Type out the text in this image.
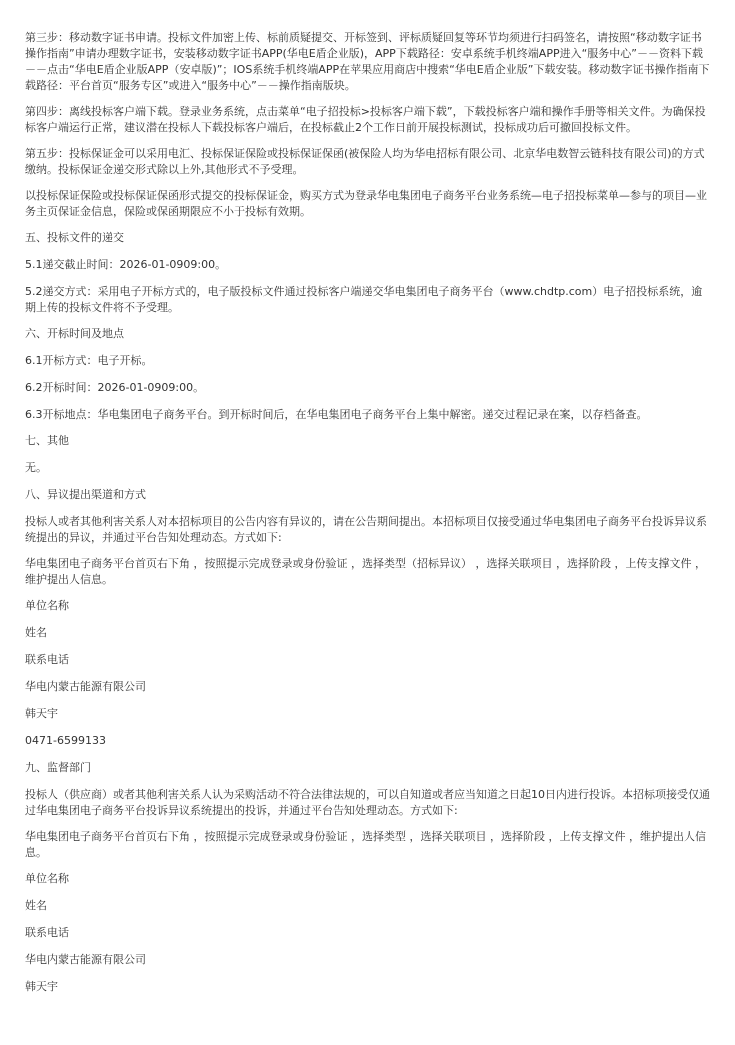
第三步：移动数字证书申请。投标文件加密上传、标前质疑提交、开标签到、评标质疑回复等环节均须进行扫码签名，请按照“移动数字证书操作指南”申请办理数字证书，安装移动数字证书APP(华电E盾企业版)，APP下载路径：安卓系统手机终端APP进入“服务中心”－－资料下载－－点击“华电E盾企业版APP（安卓版)”；IOS系统手机终端APP在苹果应用商店中搜索“华电E盾企业版”下载安装。移动数字证书操作指南下载路径：平台首页“服务专区”或进入“服务中心”－－操作指南版块。

第四步：离线投标客户端下载。登录业务系统，点击菜单“电子招投标>投标客户端下载”，下载投标客户端和操作手册等相关文件。为确保投标客户端运行正常，建议潜在投标人下载投标客户端后，在投标截止2个工作日前开展投标测试，投标成功后可撤回投标文件。

第五步：投标保证金可以采用电汇、投标保证保险或投标保证保函(被保险人均为华电招标有限公司、北京华电数智云链科技有限公司)的方式缴纳。投标保证金递交形式除以上外,其他形式不予受理。

以投标保证保险或投标保证保函形式提交的投标保证金，购买方式为登录华电集团电子商务平台业务系统—电子招投标菜单—参与的项目—业务主页保证金信息，保险或保函期限应不小于投标有效期。

五、投标文件的递交

5.1递交截止时间：2026-01-0909:00。

5.2递交方式：采用电子开标方式的，电子版投标文件通过投标客户端递交华电集团电子商务平台（www.chdtp.com）电子招投标系统，逾期上传的投标文件将不予受理。

六、开标时间及地点

6.1开标方式：电子开标。

6.2开标时间：2026-01-0909:00。

6.3开标地点：华电集团电子商务平台。到开标时间后，在华电集团电子商务平台上集中解密。递交过程记录在案，以存档备查。

七、其他

无。

八、异议提出渠道和方式

投标人或者其他利害关系人对本招标项目的公告内容有异议的，请在公告期间提出。本招标项目仅接受通过华电集团电子商务平台投诉异议系统提出的异议，并通过平台告知处理动态。方式如下:

华电集团电子商务平台首页右下角 ，按照提示完成登录或身份验证 ，选择类型（招标异议） ，选择关联项目 ，选择阶段 ，上传支撑文件 ，维护提出人信息。

单位名称

姓名

联系电话

华电内蒙古能源有限公司

韩天宇

0471-6599133

九、监督部门

投标人（供应商）或者其他利害关系人认为采购活动不符合法律法规的，可以自知道或者应当知道之日起10日内进行投诉。本招标项接受仅通过华电集团电子商务平台投诉异议系统提出的投诉，并通过平台告知处理动态。方式如下:

华电集团电子商务平台首页右下角 ，按照提示完成登录或身份验证 ，选择类型 ，选择关联项目 ，选择阶段 ，上传支撑文件 ，维护提出人信息。

单位名称

姓名

联系电话

华电内蒙古能源有限公司

韩天宇
